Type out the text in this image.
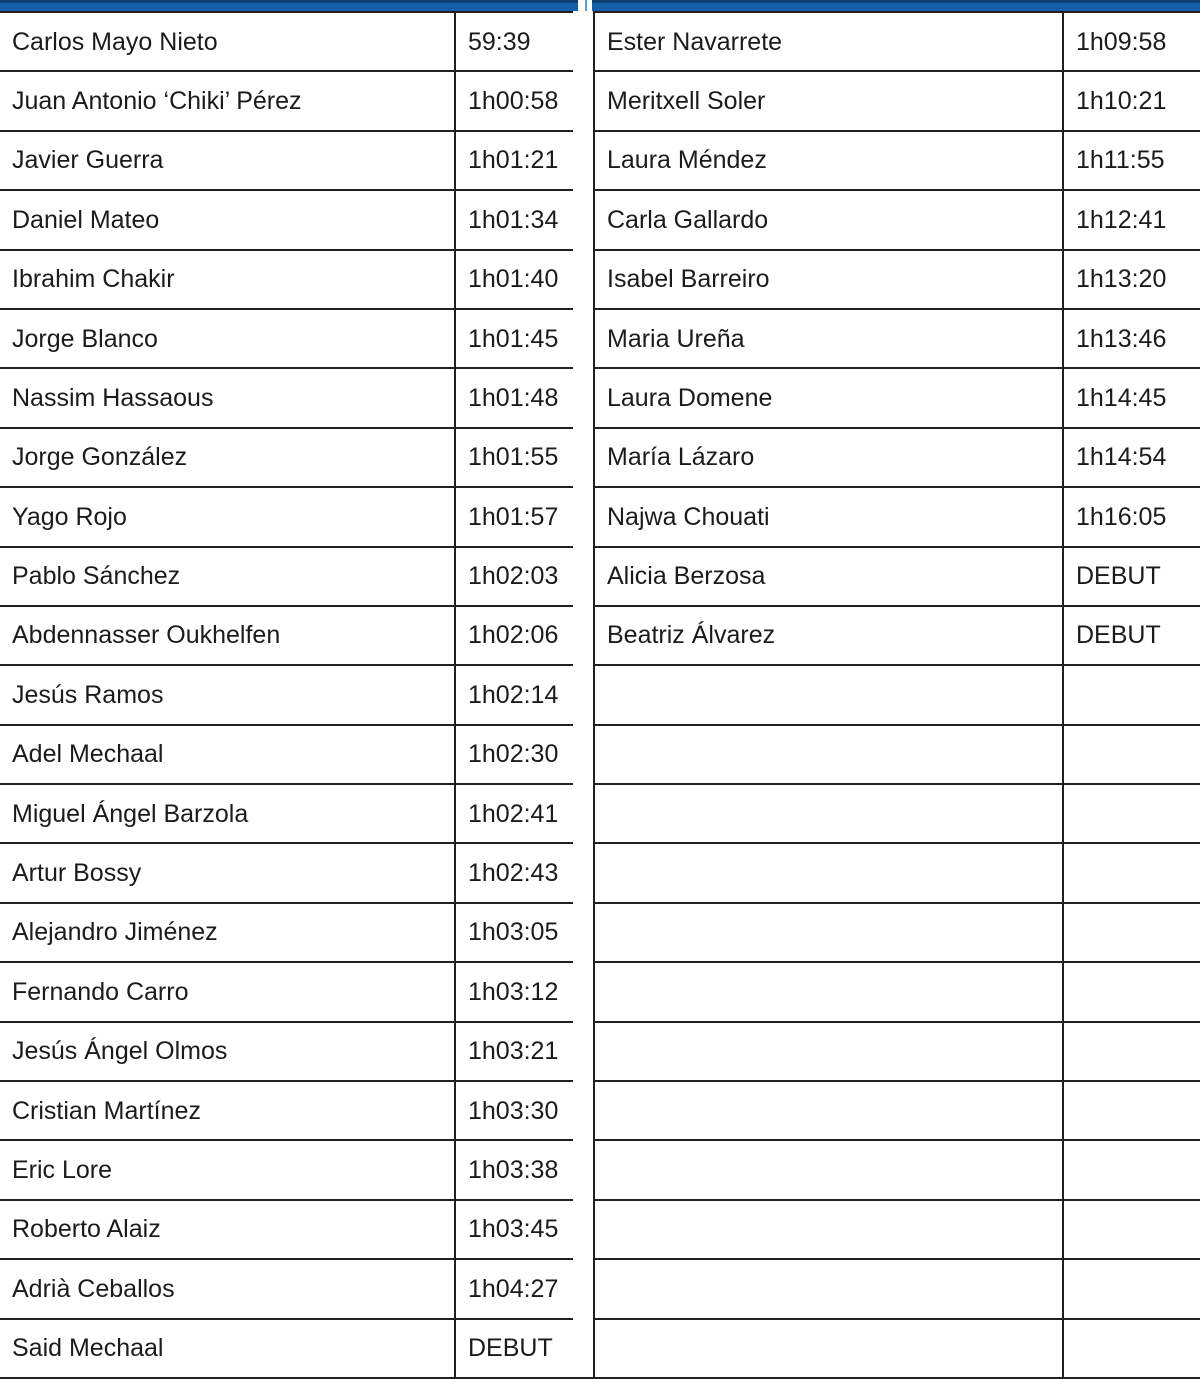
Carlos Mayo Nieto	59:39
Juan Antonio ‘Chiki’ Pérez	1h00:58
Javier Guerra	1h01:21
Daniel Mateo	1h01:34
Ibrahim Chakir	1h01:40
Jorge Blanco	1h01:45
Nassim Hassaous	1h01:48
Jorge González	1h01:55
Yago Rojo	1h01:57
Pablo Sánchez	1h02:03
Abdennasser Oukhelfen	1h02:06
Jesús Ramos	1h02:14
Adel Mechaal	1h02:30
Miguel Ángel Barzola	1h02:41
Artur Bossy	1h02:43
Alejandro Jiménez	1h03:05
Fernando Carro	1h03:12
Jesús Ángel Olmos	1h03:21
Cristian Martínez	1h03:30
Eric Lore	1h03:38
Roberto Alaiz	1h03:45
Adrià Ceballos	1h04:27
Said Mechaal	DEBUT
Ester Navarrete	1h09:58
Meritxell Soler	1h10:21
Laura Méndez	1h11:55
Carla Gallardo	1h12:41
Isabel Barreiro	1h13:20
Maria Ureña	1h13:46
Laura Domene	1h14:45
María Lázaro	1h14:54
Najwa Chouati	1h16:05
Alicia Berzosa	DEBUT
Beatriz Álvarez	DEBUT
